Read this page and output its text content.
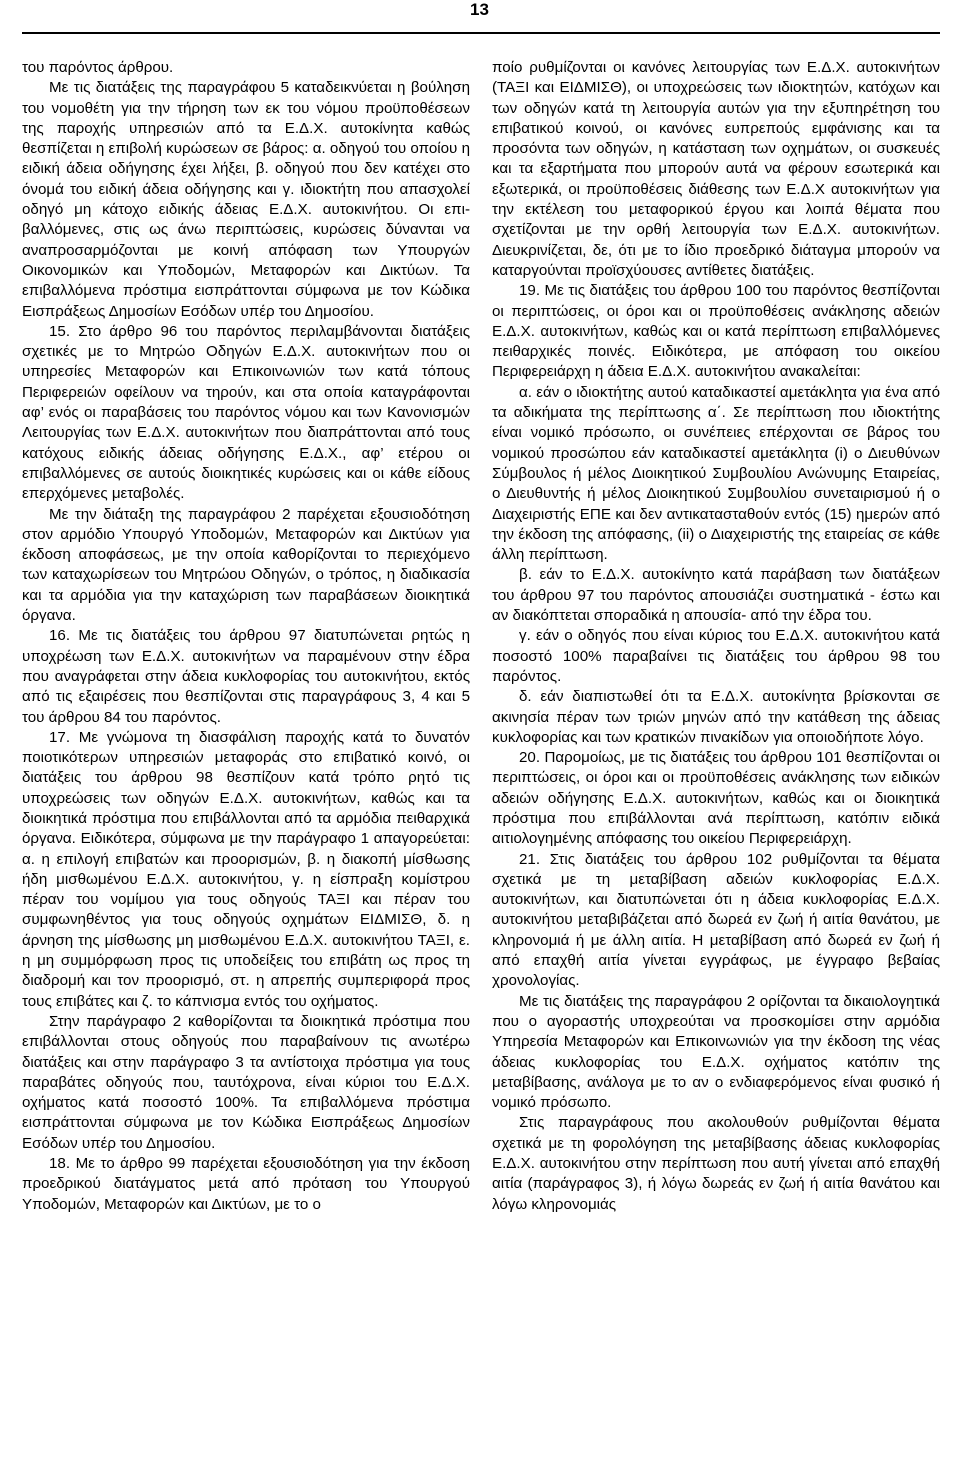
13

του παρόντος άρθρου.

Με τις διατάξεις της παραγράφου 5 καταδεικνύεται η βούληση του νομοθέτη για την τήρηση των εκ του νόμου προϋποθέσεων της παροχής υπηρεσιών από τα Ε.Δ.Χ. αυτοκίνητα καθώς θεσπίζεται η επιβολή κυρώσεων σε βάρος: α. οδηγού του οποίου η ειδική άδεια οδήγησης έχει λήξει, β. οδηγού που δεν κατέχει στο όνομά του ειδική άδεια οδήγησης και γ. ιδιοκτήτη που απασχολεί οδηγό μη κάτοχο ειδικής άδειας Ε.Δ.Χ. αυτοκινήτου. Οι επιβαλλόμενες, στις ως άνω περιπτώσεις, κυρώσεις δύνανται να αναπροσαρμόζονται με κοινή απόφαση των Υπουργών Οικονομικών και Υποδομών, Μεταφορών και Δικτύων. Τα επιβαλλόμενα πρόστιμα εισπράττονται σύμφωνα με τον Κώδικα Εισπράξεως Δημοσίων Εσόδων υπέρ του Δημοσίου.

15. Στο άρθρο 96 του παρόντος περιλαμβάνονται διατάξεις σχετικές με το Μητρώο Οδηγών Ε.Δ.Χ. αυτοκινήτων που οι υπηρεσίες Μεταφορών και Επικοινωνιών των κατά τόπους Περιφερειών οφείλουν να τηρούν, και στα οποία καταγράφονται αφ’ ενός οι παραβάσεις του παρόντος νόμου και των Κανονισμών Λειτουργίας των Ε.Δ.Χ. αυτοκινήτων που διαπράττονται από τους κατόχους ειδικής άδειας οδήγησης Ε.Δ.Χ., αφ’ ετέρου οι επιβαλλόμενες σε αυτούς διοικητικές κυρώσεις και οι κάθε είδους επερχόμενες μεταβολές.

Με την διάταξη της παραγράφου 2 παρέχεται εξουσιοδότηση στον αρμόδιο Υπουργό Υποδομών, Μεταφορών και Δικτύων για έκδοση αποφάσεως, με την οποία καθορίζονται το περιεχόμενο των καταχωρίσεων του Μητρώου Οδηγών, ο τρόπος, η διαδικασία και τα αρμόδια για την καταχώριση των παραβάσεων διοικητικά όργανα.

16. Με τις διατάξεις του άρθρου 97 διατυπώνεται ρητώς η υποχρέωση των Ε.Δ.Χ. αυτοκινήτων να παραμένουν στην έδρα που αναγράφεται στην άδεια κυκλοφορίας του αυτοκινήτου, εκτός από τις εξαιρέσεις που θεσπίζονται στις παραγράφους 3, 4 και 5 του άρθρου 84 του παρόντος.

17. Με γνώμονα τη διασφάλιση παροχής κατά το δυνατόν ποιοτικότερων υπηρεσιών μεταφοράς στο επιβατικό κοινό, οι διατάξεις του άρθρου 98 θεσπίζουν κατά τρόπο ρητό τις υποχρεώσεις των οδηγών Ε.Δ.Χ. αυτοκινήτων, καθώς και τα διοικητικά πρόστιμα που επιβάλλονται από τα αρμόδια πειθαρχικά όργανα. Ειδικότερα, σύμφωνα με την παράγραφο 1 απαγορεύεται: α. η επιλογή επιβατών και προορισμών, β. η διακοπή μίσθωσης ήδη μισθωμένου Ε.Δ.Χ. αυτοκινήτου, γ. η είσπραξη κομίστρου πέραν του νομίμου για τους οδηγούς ΤΑΞΙ και πέραν του συμφωνηθέντος για τους οδηγούς οχημάτων ΕΙΔΜΙΣΘ, δ. η άρνηση της μίσθωσης μη μισθωμένου Ε.Δ.Χ. αυτοκινήτου ΤΑΞΙ, ε. η μη συμμόρφωση προς τις υποδείξεις του επιβάτη ως προς τη διαδρομή και τον προορισμό, στ. η απρεπής συμπεριφορά προς τους επιβάτες και ζ. το κάπνισμα εντός του οχήματος.

Στην παράγραφο 2 καθορίζονται τα διοικητικά πρόστιμα που επιβάλλονται στους οδηγούς που παραβαίνουν τις ανωτέρω διατάξεις και στην παράγραφο 3 τα αντίστοιχα πρόστιμα για τους παραβάτες οδηγούς που, ταυτόχρονα, είναι κύριοι του Ε.Δ.Χ. οχήματος κατά ποσοστό 100%. Τα επιβαλλόμενα πρόστιμα εισπράττονται σύμφωνα με τον Κώδικα Εισπράξεως Δημοσίων Εσόδων υπέρ του Δημοσίου.

18. Με το άρθρο 99 παρέχεται εξουσιοδότηση για την έκδοση προεδρικού διατάγματος μετά από πρόταση του Υπουργού Υποδομών, Μεταφορών και Δικτύων, με το ο

ποίο ρυθμίζονται οι κανόνες λειτουργίας των Ε.Δ.Χ. αυτοκινήτων (ΤΑΞΙ και ΕΙΔΜΙΣΘ), οι υποχρεώσεις των ιδιοκτητών, κατόχων και των οδηγών κατά τη λειτουργία αυτών για την εξυπηρέτηση του επιβατικού κοινού, οι κανόνες ευπρεπούς εμφάνισης και τα προσόντα των οδηγών, η κατάσταση των οχημάτων, οι συσκευές και τα εξαρτήματα που μπορούν αυτά να φέρουν εσωτερικά και εξωτερικά, οι προϋποθέσεις διάθεσης των Ε.Δ.Χ αυτοκινήτων για την εκτέλεση του μεταφορικού έργου και λοιπά θέματα που σχετίζονται με την ορθή λειτουργία των Ε.Δ.Χ. αυτοκινήτων. Διευκρινίζεται, δε, ότι με το ίδιο προεδρικό διάταγμα μπορούν να καταργούνται προϊσχύουσες αντίθετες διατάξεις.

19. Με τις διατάξεις του άρθρου 100 του παρόντος θεσπίζονται οι περιπτώσεις, οι όροι και οι προϋποθέσεις ανάκλησης αδειών Ε.Δ.Χ. αυτοκινήτων, καθώς και οι κατά περίπτωση επιβαλλόμενες πειθαρχικές ποινές. Ειδικότερα, με απόφαση του οικείου Περιφερειάρχη η άδεια Ε.Δ.Χ. αυτοκινήτου ανακαλείται:

α. εάν ο ιδιοκτήτης αυτού καταδικαστεί αμετάκλητα για ένα από τα αδικήματα της περίπτωσης α΄. Σε περίπτωση που ιδιοκτήτης είναι νομικό πρόσωπο, οι συνέπειες επέρχονται σε βάρος του νομικού προσώπου εάν καταδικαστεί αμετάκλητα (i) ο Διευθύνων Σύμβουλος ή μέλος Διοικητικού Συμβουλίου Ανώνυμης Εταιρείας, ο Διευθυντής ή μέλος Διοικητικού Συμβουλίου συνεταιρισμού ή ο Διαχειριστής ΕΠΕ και δεν αντικατασταθούν εντός (15) ημερών από την έκδοση της απόφασης, (ii) ο Διαχειριστής της εταιρείας σε κάθε άλλη περίπτωση.

β. εάν το Ε.Δ.Χ. αυτοκίνητο κατά παράβαση των διατάξεων του άρθρου 97 του παρόντος απουσιάζει συστηματικά - έστω και αν διακόπτεται σποραδικά η απουσία- από την έδρα του.

γ. εάν ο οδηγός που είναι κύριος του Ε.Δ.Χ. αυτοκινήτου κατά ποσοστό 100% παραβαίνει τις διατάξεις του άρθρου 98 του παρόντος.

δ. εάν διαπιστωθεί ότι τα Ε.Δ.Χ. αυτοκίνητα βρίσκονται σε ακινησία πέραν των τριών μηνών από την κατάθεση της άδειας κυκλοφορίας και των κρατικών πινακίδων για οποιοδήποτε λόγο.

20. Παρομοίως, με τις διατάξεις του άρθρου 101 θεσπίζονται οι περιπτώσεις, οι όροι και οι προϋποθέσεις ανάκλησης των ειδικών αδειών οδήγησης Ε.Δ.Χ. αυτοκινήτων, καθώς και οι διοικητικά πρόστιμα που επιβάλλονται ανά περίπτωση, κατόπιν ειδικά αιτιολογημένης απόφασης του οικείου Περιφερειάρχη.

21. Στις διατάξεις του άρθρου 102 ρυθμίζονται τα θέματα σχετικά με τη μεταβίβαση αδειών κυκλοφορίας Ε.Δ.Χ. αυτοκινήτων, και διατυπώνεται ότι η άδεια κυκλοφορίας Ε.Δ.Χ. αυτοκινήτου μεταβιβάζεται από δωρεά εν ζωή ή αιτία θανάτου, με κληρονομιά ή με άλλη αιτία. Η μεταβίβαση από δωρεά εν ζωή ή από επαχθή αιτία γίνεται εγγράφως, με έγγραφο βεβαίας χρονολογίας.

Με τις διατάξεις της παραγράφου 2 ορίζονται τα δικαιολογητικά που ο αγοραστής υποχρεούται να προσκομίσει στην αρμόδια Υπηρεσία Μεταφορών και Επικοινωνιών για την έκδοση της νέας άδειας κυκλοφορίας του Ε.Δ.Χ. οχήματος κατόπιν της μεταβίβασης, ανάλογα με το αν ο ενδιαφερόμενος είναι φυσικό ή νομικό πρόσωπο.

Στις παραγράφους που ακολουθούν ρυθμίζονται θέματα σχετικά με τη φορολόγηση της μεταβίβασης άδειας κυκλοφορίας Ε.Δ.Χ. αυτοκινήτου στην περίπτωση που αυτή γίνεται από επαχθή αιτία (παράγραφος 3), ή λόγω δωρεάς εν ζωή ή αιτία θανάτου και λόγω κληρονομιάς
